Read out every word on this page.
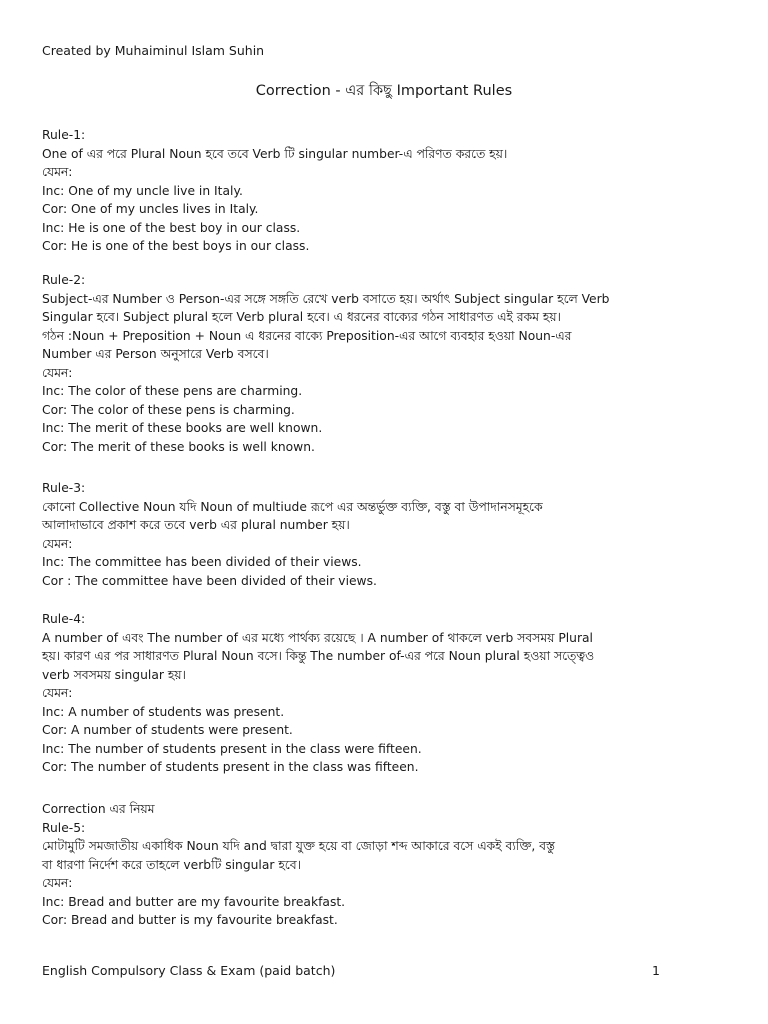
Created by Muhaiminul Islam Suhin
Correction - এর কিছু Important Rules
Rule-1:
One of এর পরে Plural Noun হবে তবে Verb টি singular number-এ পরিণত করতে হয়।
যেমন:
Inc: One of my uncle live in Italy.
Cor: One of my uncles lives in Italy.
Inc: He is one of the best boy in our class.
Cor: He is one of the best boys in our class.
Rule-2:
Subject-এর Number ও Person-এর সঙ্গে সঙ্গতি রেখে verb বসাতে হয়। অর্থাৎ Subject singular হলে Verb
Singular হবে। Subject plural হলে Verb plural হবে। এ ধরনের বাক্যের গঠন সাধারণত এই রকম হয়।
গঠন :Noun + Preposition + Noun এ ধরনের বাক্যে Preposition-এর আগে ব্যবহার হওয়া Noun-এর
Number এর Person অনুসারে Verb বসবে।
যেমন:
Inc: The color of these pens are charming.
Cor: The color of these pens is charming.
Inc: The merit of these books are well known.
Cor: The merit of these books is well known.
Rule-3:
কোনো Collective Noun যদি Noun of multiude রূপে এর অন্তর্ভুক্ত ব্যক্তি, বস্তু বা উপাদানসমূহকে
আলাদাভাবে প্রকাশ করে তবে verb এর plural number হয়।
যেমন:
Inc: The committee has been divided of their views.
Cor : The committee have been divided of their views.
Rule-4:
A number of এবং The number of এর মধ্যে পার্থক্য রয়েছে । A number of থাকলে verb সবসময় Plural
হয়। কারণ এর পর সাধারণত Plural Noun বসে। কিন্তু The number of-এর পরে Noun plural হওয়া সত্ত্বেও
verb সবসময় singular হয়।
যেমন:
Inc: A number of students was present.
Cor: A number of students were present.
Inc: The number of students present in the class were fifteen.
Cor: The number of students present in the class was fifteen.
Correction এর নিয়ম
Rule-5:
মোটামুটি সমজাতীয় একাধিক Noun যদি and দ্বারা যুক্ত হয়ে বা জোড়া শব্দ আকারে বসে একই ব্যক্তি, বস্তু
বা ধারণা নির্দেশ করে তাহলে verbটি singular হবে।
যেমন:
Inc: Bread and butter are my favourite breakfast.
Cor: Bread and butter is my favourite breakfast.
English Compulsory Class & Exam (paid batch)	1
